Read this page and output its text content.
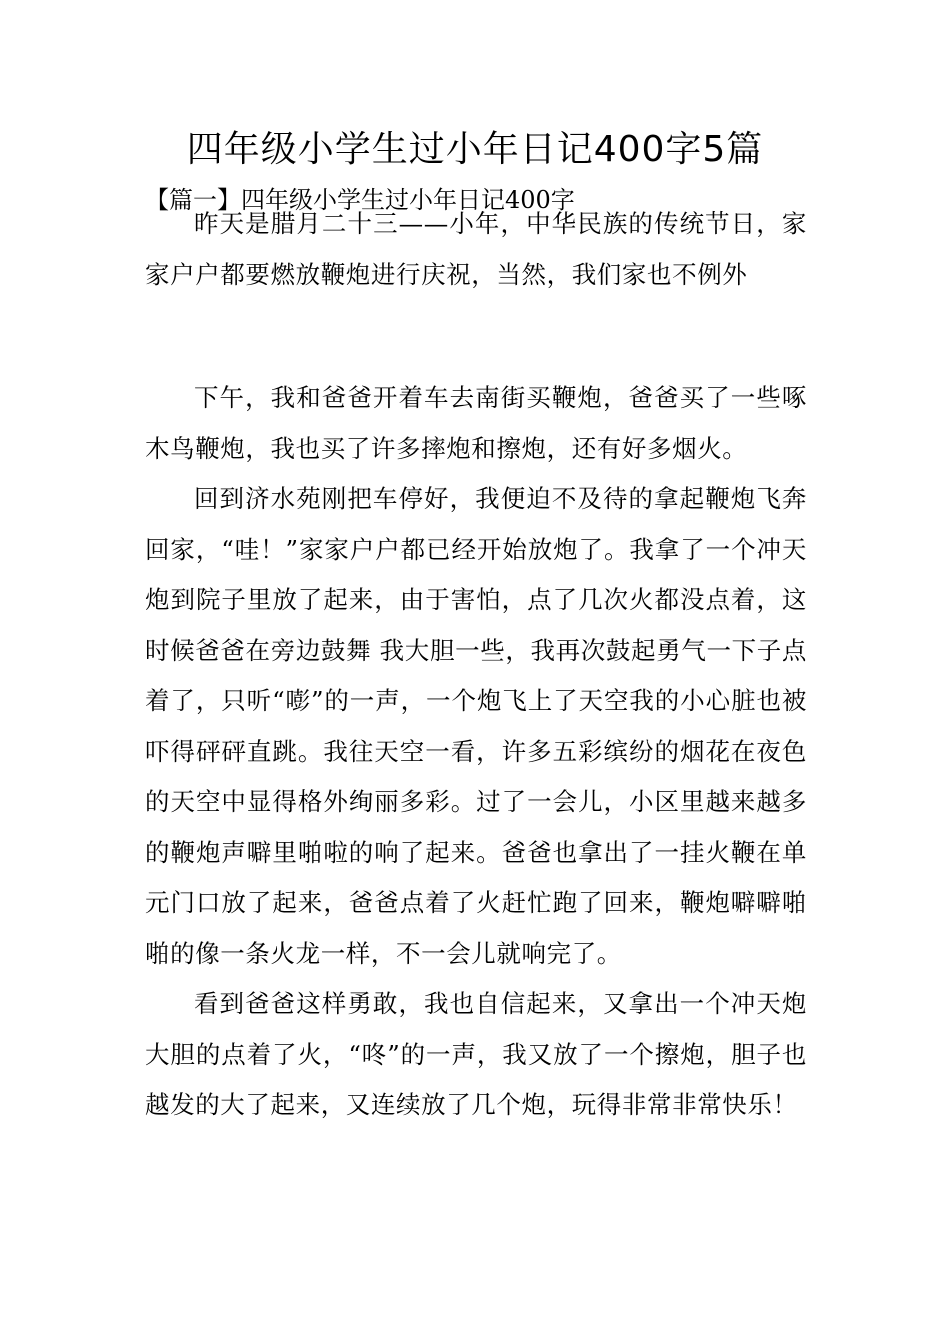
四年级小学生过小年日记400字5篇
【篇一】四年级小学生过小年日记400字

昨天是腊月二十三——小年，中华民族的传统节日，家家户户都要燃放鞭炮进行庆祝，当然，我们家也不例外

下午，我和爸爸开着车去南街买鞭炮，爸爸买了一些啄木鸟鞭炮，我也买了许多摔炮和擦炮，还有好多烟火。

回到济水苑刚把车停好，我便迫不及待的拿起鞭炮飞奔回家，“哇！”家家户户都已经开始放炮了。我拿了一个冲天炮到院子里放了起来，由于害怕，点了几次火都没点着，这时候爸爸在旁边鼓舞 我大胆一些，我再次鼓起勇气一下子点着了，只听“嘭”的一声，一个炮飞上了天空我的小心脏也被吓得砰砰直跳。我往天空一看，许多五彩缤纷的烟花在夜色的天空中显得格外绚丽多彩。过了一会儿，小区里越来越多的鞭炮声噼里啪啦的响了起来。爸爸也拿出了一挂火鞭在单元门口放了起来，爸爸点着了火赶忙跑了回来，鞭炮噼噼啪啪的像一条火龙一样，不一会儿就响完了。

看到爸爸这样勇敢，我也自信起来，又拿出一个冲天炮大胆的点着了火，“咚”的一声，我又放了一个擦炮，胆子也越发的大了起来，又连续放了几个炮，玩得非常非常快乐！
